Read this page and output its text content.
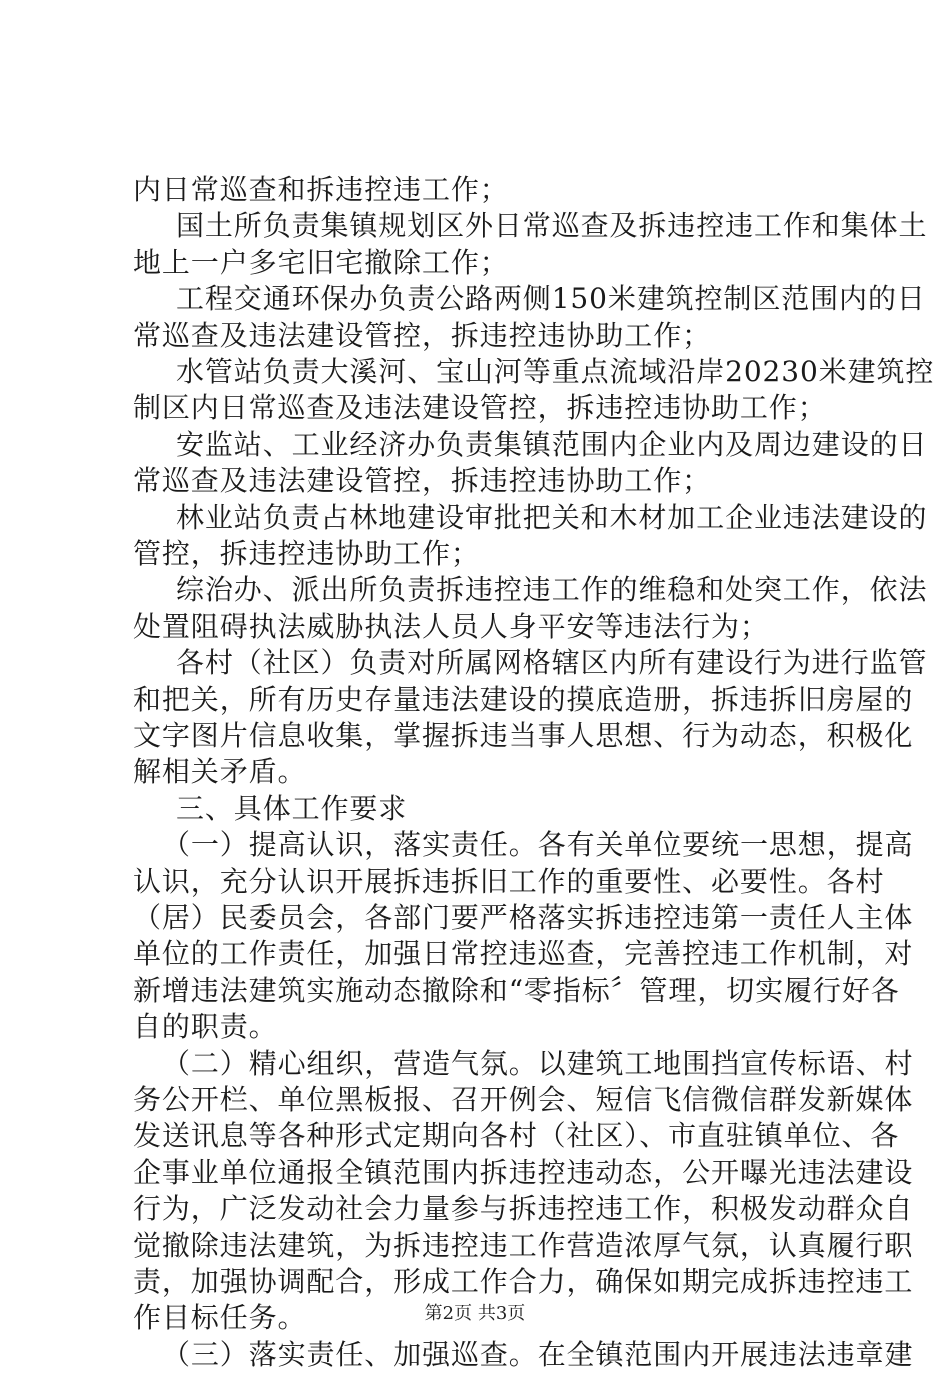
内日常巡查和拆违控违工作；
国土所负责集镇规划区外日常巡查及拆违控违工作和集体土
地上一户多宅旧宅撤除工作；
工程交通环保办负责公路两侧150米建筑控制区范围内的日
常巡查及违法建设管控，拆违控违协助工作；
水管站负责大溪河、宝山河等重点流域沿岸20230米建筑控
制区内日常巡查及违法建设管控，拆违控违协助工作；
安监站、工业经济办负责集镇范围内企业内及周边建设的日
常巡查及违法建设管控，拆违控违协助工作；
林业站负责占林地建设审批把关和木材加工企业违法建设的
管控，拆违控违协助工作；
综治办、派出所负责拆违控违工作的维稳和处突工作，依法
处置阻碍执法威胁执法人员人身平安等违法行为；
各村（社区）负责对所属网格辖区内所有建设行为进行监管
和把关，所有历史存量违法建设的摸底造册，拆违拆旧房屋的
文字图片信息收集，掌握拆违当事人思想、行为动态，积极化
解相关矛盾。
三、具体工作要求
（一）提高认识，落实责任。各有关单位要统一思想，提高
认识，充分认识开展拆违拆旧工作的重要性、必要性。各村
（居）民委员会，各部门要严格落实拆违控违第一责任人主体
单位的工作责任，加强日常控违巡查，完善控违工作机制，对
新增违法建筑实施动态撤除和“零指标〞管理，切实履行好各
自的职责。
（二）精心组织，营造气氛。以建筑工地围挡宣传标语、村
务公开栏、单位黑板报、召开例会、短信飞信微信群发新媒体
发送讯息等各种形式定期向各村（社区）、市直驻镇单位、各
企事业单位通报全镇范围内拆违控违动态，公开曝光违法建设
行为，广泛发动社会力量参与拆违控违工作，积极发动群众自
觉撤除违法建筑，为拆违控违工作营造浓厚气氛，认真履行职
责，加强协调配合，形成工作合力，确保如期完成拆违控违工
作目标任务。
（三）落实责任、加强巡查。在全镇范围内开展违法违章建
第2页 共3页
